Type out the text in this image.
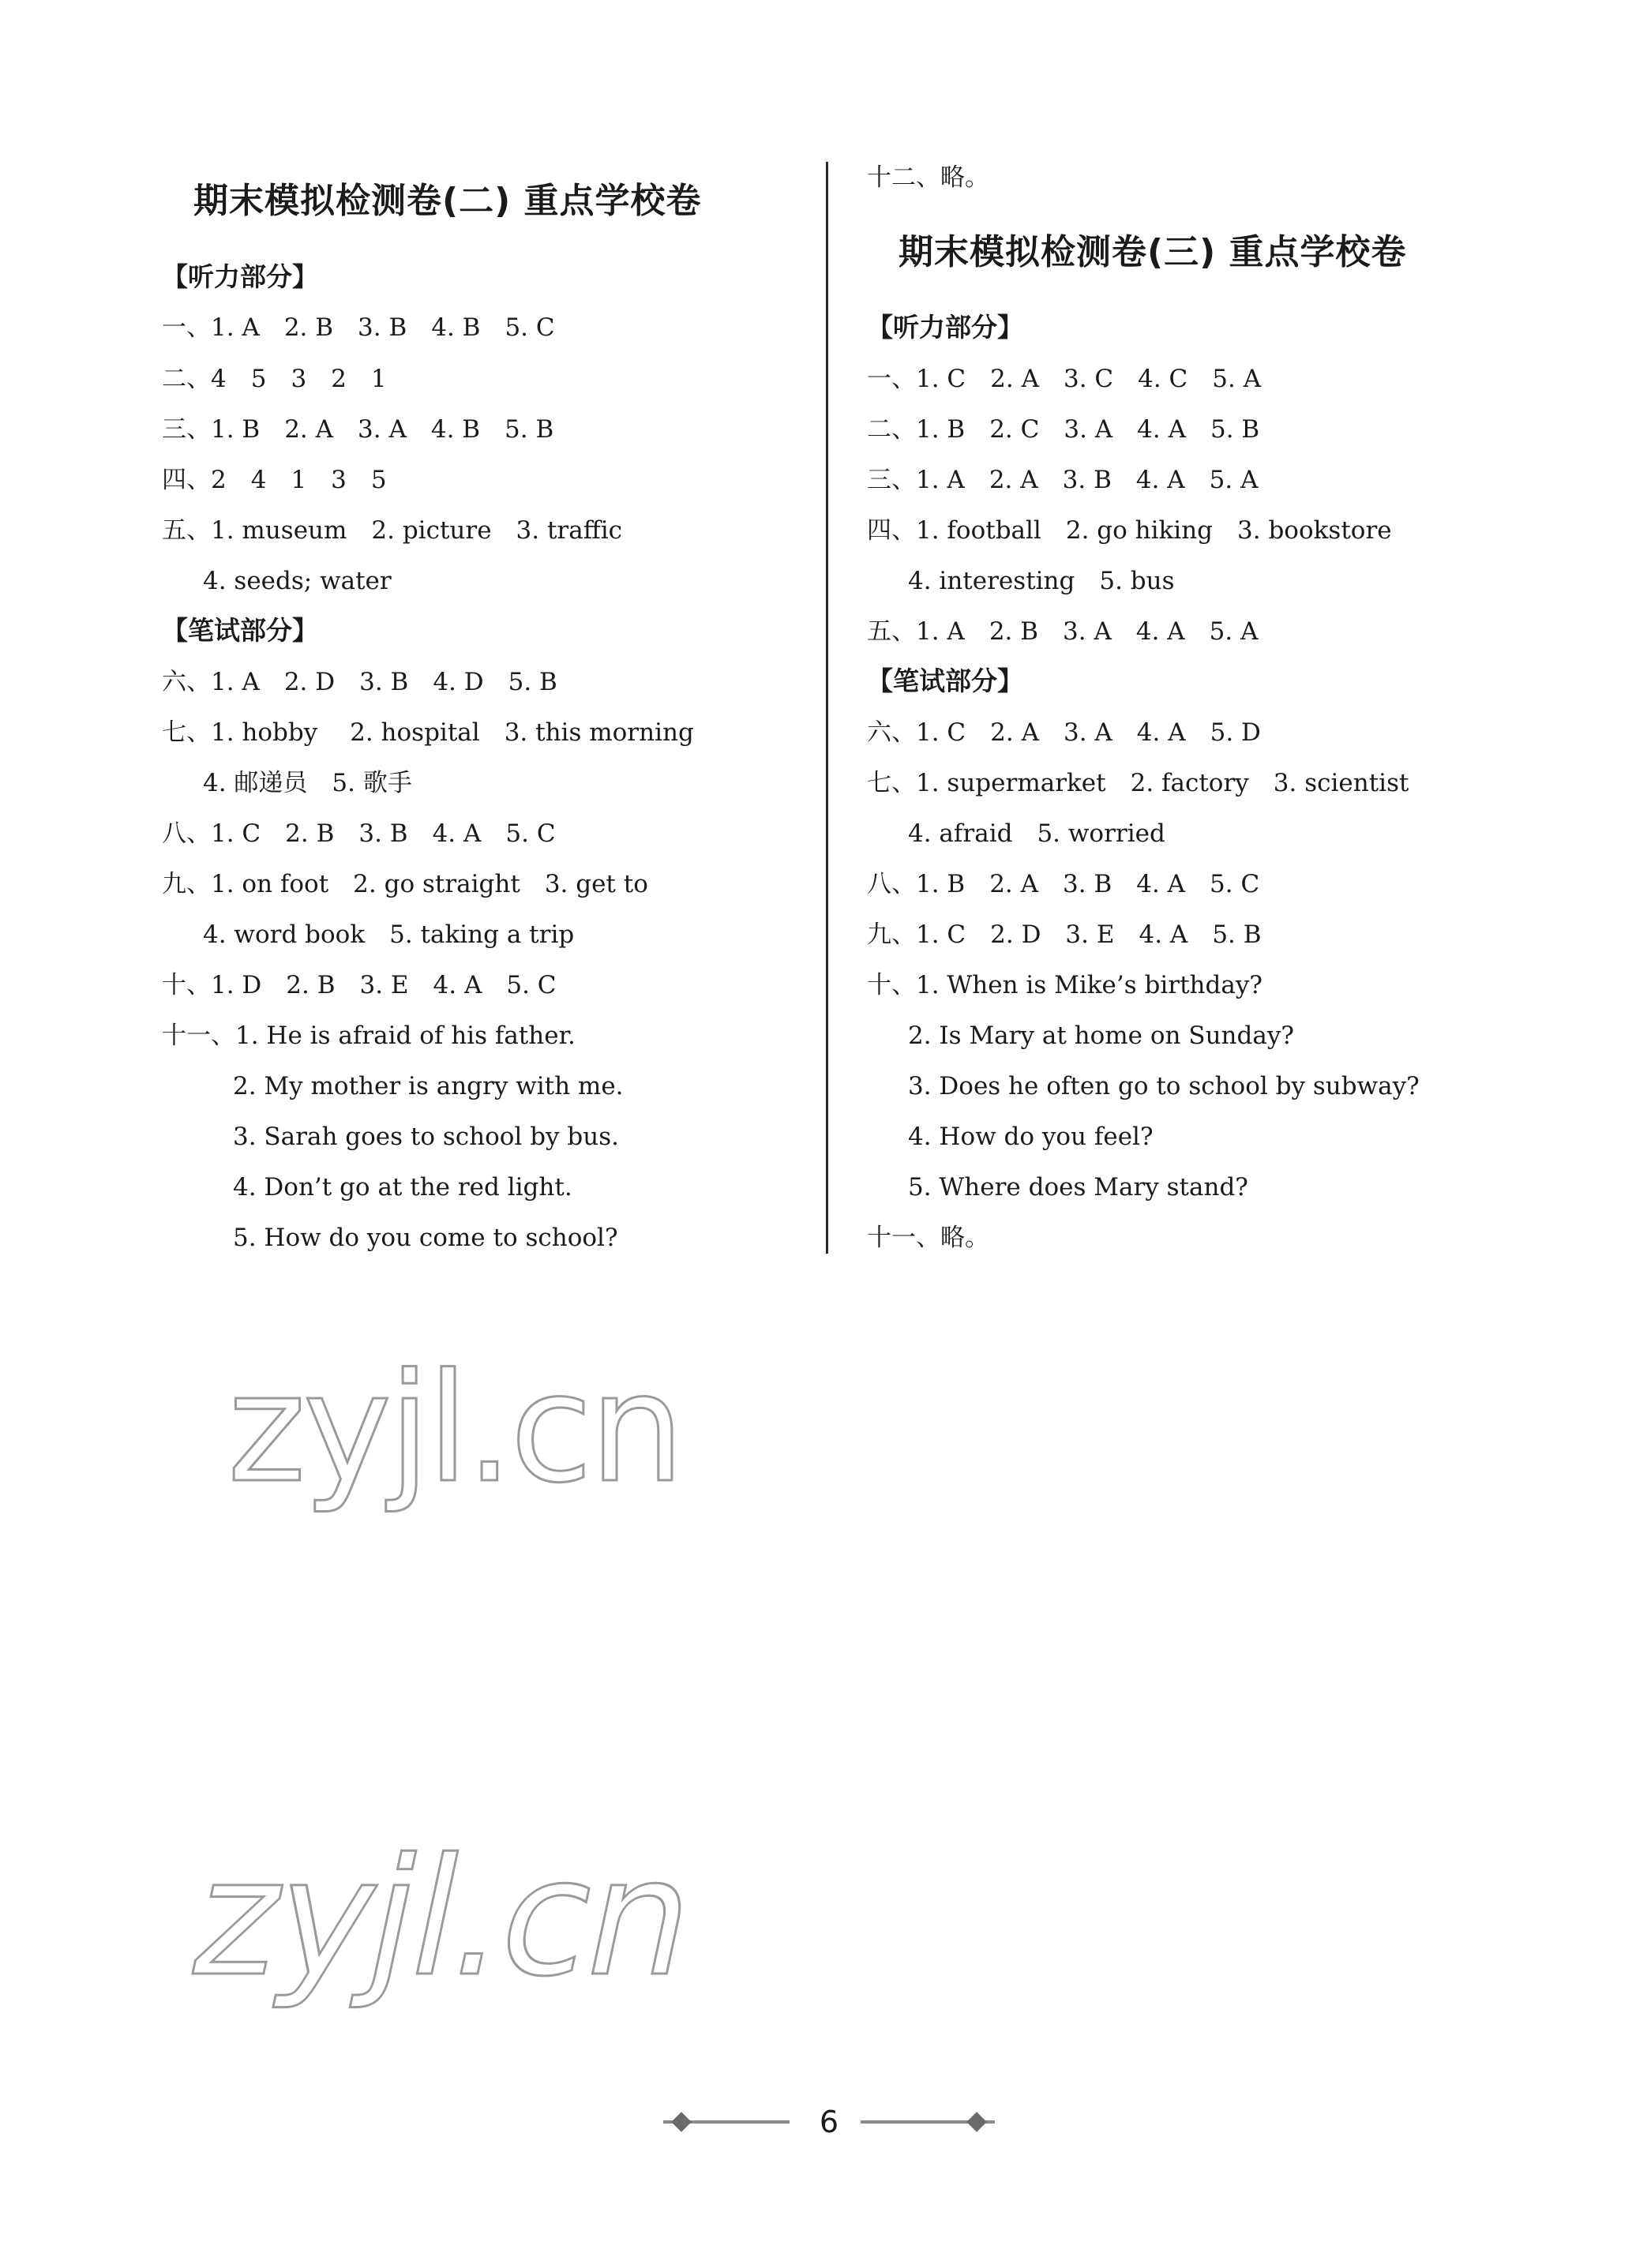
期末模拟检测卷(二) 重点学校卷
【听力部分】
一、1. A　2. B　3. B　4. B　5. C
二、4　5　3　2　1
三、1. B　2. A　3. A　4. B　5. B
四、2　4　1　3　5
五、1. museum　2. picture　3. traffic
4. seeds; water
【笔试部分】
六、1. A　2. D　3. B　4. D　5. B
七、1. hobby　 2. hospital　3. this morning
4. 邮递员　5. 歌手
八、1. C　2. B　3. B　4. A　5. C
九、1. on foot　2. go straight　3. get to
4. word book　5. taking a trip
十、1. D　2. B　3. E　4. A　5. C
十一、1. He is afraid of his father.
2. My mother is angry with me.
3. Sarah goes to school by bus.
4. Don’t go at the red light.
5. How do you come to school?
十二、略。
期末模拟检测卷(三) 重点学校卷
【听力部分】
一、1. C　2. A　3. C　4. C　5. A
二、1. B　2. C　3. A　4. A　5. B
三、1. A　2. A　3. B　4. A　5. A
四、1. football　2. go hiking　3. bookstore
4. interesting　5. bus
五、1. A　2. B　3. A　4. A　5. A
【笔试部分】
六、1. C　2. A　3. A　4. A　5. D
七、1. supermarket　2. factory　3. scientist
4. afraid　5. worried
八、1. B　2. A　3. B　4. A　5. C
九、1. C　2. D　3. E　4. A　5. B
十、1. When is Mike’s birthday?
2. Is Mary at home on Sunday?
3. Does he often go to school by subway?
4. How do you feel?
5. Where does Mary stand?
十一、略。
zyjl.cn
zyjl.cn
6
